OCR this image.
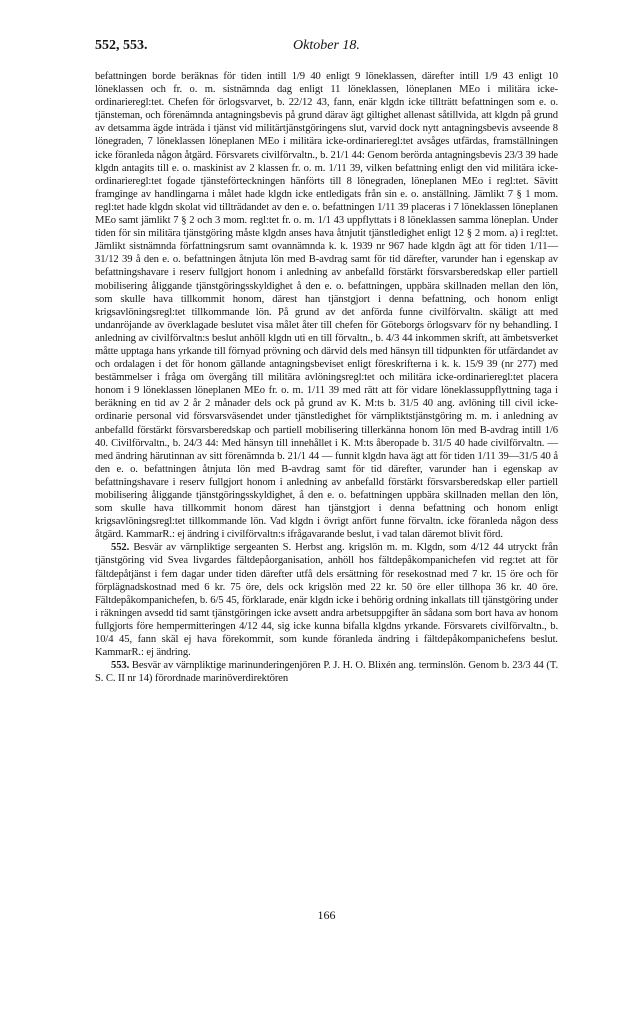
552, 553.	Oktober 18.

befattningen borde beräknas för tiden intill 1/9 40 enligt 9 löneklassen, därefter intill 1/9 43 enligt 10 löneklassen och fr. o. m. sistnämnda dag enligt 11 löneklassen, löneplanen MEo i militära icke-ordinarieregl:tet. Chefen för örlogsvarvet, b. 22/12 43, fann, enär klgdn icke tillträtt befattningen som e. o. tjänsteman, och förenämnda antagningsbevis på grund därav ägt giltighet allenast såtillvida, att klgdn på grund av detsamma ägde inträda i tjänst vid militärtjänstgöringens slut, varvid dock nytt antagningsbevis avseende 8 lönegraden, 7 löneklassen löneplanen MEo i militära icke-ordinarieregl:tet avsåges utfärdas, framställningen icke föranleda någon åtgärd. Försvarets civilförvaltn., b. 21/1 44: Genom berörda antagningsbevis 23/3 39 hade klgdn antagits till e. o. maskinist av 2 klassen fr. o. m. 1/11 39, vilken befattning enligt den vid militära icke-ordinarieregl:tet fogade tjänsteförteckningen hänförts till 8 lönegraden, löneplanen MEo i regl:tet. Sävitt framginge av handlingarna i målet hade klgdn icke entledigats från sin e. o. anställning. Jämlikt 7 § 1 mom. regl:tet hade klgdn skolat vid tillträdandet av den e. o. befattningen 1/11 39 placeras i 7 löneklassen löneplanen MEo samt jämlikt 7 § 2 och 3 mom. regl:tet fr. o. m. 1/1 43 uppflyttats i 8 löneklassen samma löneplan. Under tiden för sin militära tjänstgöring måste klgdn anses hava åtnjutit tjänstledighet enligt 12 § 2 mom. a) i regl:tet. Jämlikt sistnämnda författningsrum samt ovannämnda k. k. 1939 nr 967 hade klgdn ägt att för tiden 1/11—31/12 39 å den e. o. befattningen åtnjuta lön med B-avdrag samt för tid därefter, varunder han i egenskap av befattningshavare i reserv fullgjort honom i anledning av anbefalld förstärkt försvarsberedskap eller partiell mobilisering åliggande tjänstgöringsskyldighet å den e. o. befattningen, uppbära skillnaden mellan den lön, som skulle hava tillkommit honom, därest han tjänstgjort i denna befattning, och honom enligt krigsavlöningsregl:tet tillkommande lön. På grund av det anförda funne civilförvaltn. skäligt att med undanröjande av överklagade beslutet visa målet åter till chefen för Göteborgs örlogsvarv för ny behandling. I anledning av civilförvaltn:s beslut anhöll klgdn uti en till förvaltn., b. 4/3 44 inkommen skrift, att ämbetsverket måtte upptaga hans yrkande till förnyad prövning och därvid dels med hänsyn till tidpunkten för utfärdandet av och ordalagen i det för honom gällande antagningsbeviset enligt föreskrifterna i k. k. 15/9 39 (nr 277) med bestämmelser i fråga om övergång till militära avlöningsregl:tet och militära icke-ordinarieregl:tet placera honom i 9 löneklassen löneplanen MEo fr. o. m. 1/11 39 med rätt att för vidare löneklassuppflyttning taga i beräkning en tid av 2 år 2 månader dels ock på grund av K. M:ts b. 31/5 40 ang. avlöning till civil icke-ordinarie personal vid försvarsväsendet under tjänstledighet för värnpliktstjänstgöring m. m. i anledning av anbefalld förstärkt försvarsberedskap och partiell mobilisering tillerkänna honom lön med B-avdrag intill 1/6 40. Civilförvaltn., b. 24/3 44: Med hänsyn till innehållet i K. M:ts åberopade b. 31/5 40 hade civilförvaltn. — med ändring härutinnan av sitt förenämnda b. 21/1 44 — funnit klgdn hava ägt att för tiden 1/11 39—31/5 40 å den e. o. befattningen åtnjuta lön med B-avdrag samt för tid därefter, varunder han i egenskap av befattningshavare i reserv fullgjort honom i anledning av anbefalld förstärkt försvarsberedskap eller partiell mobilisering åliggande tjänstgöringsskyldighet, å den e. o. befattningen uppbära skillnaden mellan den lön, som skulle hava tillkommit honom därest han tjänstgjort i denna befattning och honom enligt krigsavlöningsregl:tet tillkommande lön. Vad klgdn i övrigt anfört funne förvaltn. icke föranleda någon dess åtgärd. KammarR.: ej ändring i civilförvaltn:s ifrågavarande beslut, i vad talan däremot blivit förd.

552. Besvär av värnpliktige sergeanten S. Herbst ang. krigslön m. m. Klgdn, som 4/12 44 utryckt från tjänstgöring vid Svea livgardes fältdepåorganisation, anhöll hos fältdepåkompanichefen vid reg:tet att för fältdepåtjänst i fem dagar under tiden därefter utfå dels ersättning för resekostnad med 7 kr. 15 öre och för förplägnadskostnad med 6 kr. 75 öre, dels ock krigslön med 22 kr. 50 öre eller tillhopa 36 kr. 40 öre. Fältdepåkompanichefen, b. 6/5 45, förklarade, enär klgdn icke i behörig ordning inkallats till tjänstgöring under i räkningen avsedd tid samt tjänstgöringen icke avsett andra arbetsuppgifter än sådana som bort hava av honom fullgjorts före hempermitteringen 4/12 44, sig icke kunna bifalla klgdns yrkande. Försvarets civilförvaltn., b. 10/4 45, fann skäl ej hava förekommit, som kunde föranleda ändring i fältdepåkompanichefens beslut. KammarR.: ej ändring.

553. Besvär av värnpliktige marinunderingenjören P. J. H. O. Blixén ang. terminslön. Genom b. 23/3 44 (T. S. C. II nr 14) förordnade marinöverdirektören

166
